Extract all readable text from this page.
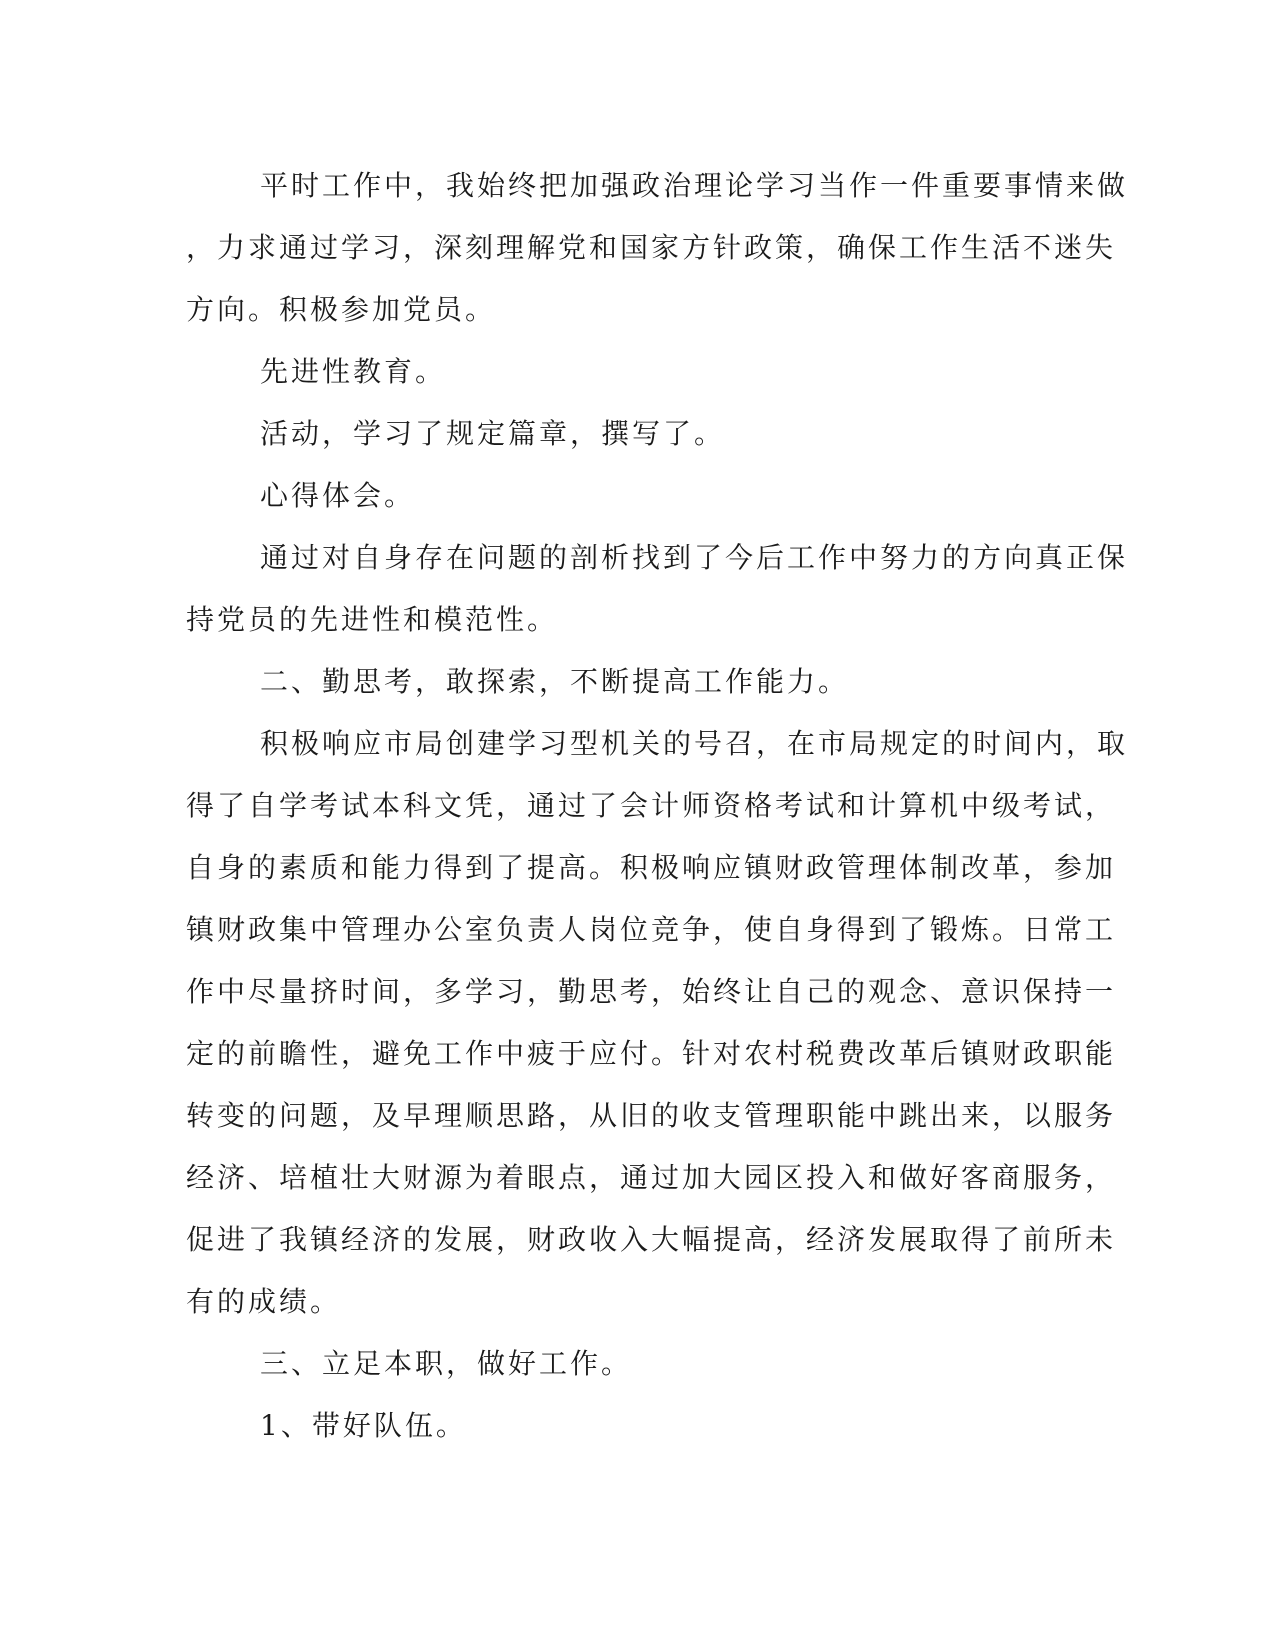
平时工作中，我始终把加强政治理论学习当作一件重要事情来做
，力求通过学习，深刻理解党和国家方针政策，确保工作生活不迷失
方向。积极参加党员。
先进性教育。
活动，学习了规定篇章，撰写了。
心得体会。
通过对自身存在问题的剖析找到了今后工作中努力的方向真正保
持党员的先进性和模范性。
二、勤思考，敢探索，不断提高工作能力。
积极响应市局创建学习型机关的号召，在市局规定的时间内，取
得了自学考试本科文凭，通过了会计师资格考试和计算机中级考试，
自身的素质和能力得到了提高。积极响应镇财政管理体制改革，参加
镇财政集中管理办公室负责人岗位竞争，使自身得到了锻炼。日常工
作中尽量挤时间，多学习，勤思考，始终让自己的观念、意识保持一
定的前瞻性，避免工作中疲于应付。针对农村税费改革后镇财政职能
转变的问题，及早理顺思路，从旧的收支管理职能中跳出来，以服务
经济、培植壮大财源为着眼点，通过加大园区投入和做好客商服务，
促进了我镇经济的发展，财政收入大幅提高，经济发展取得了前所未
有的成绩。
三、立足本职，做好工作。
1、带好队伍。
